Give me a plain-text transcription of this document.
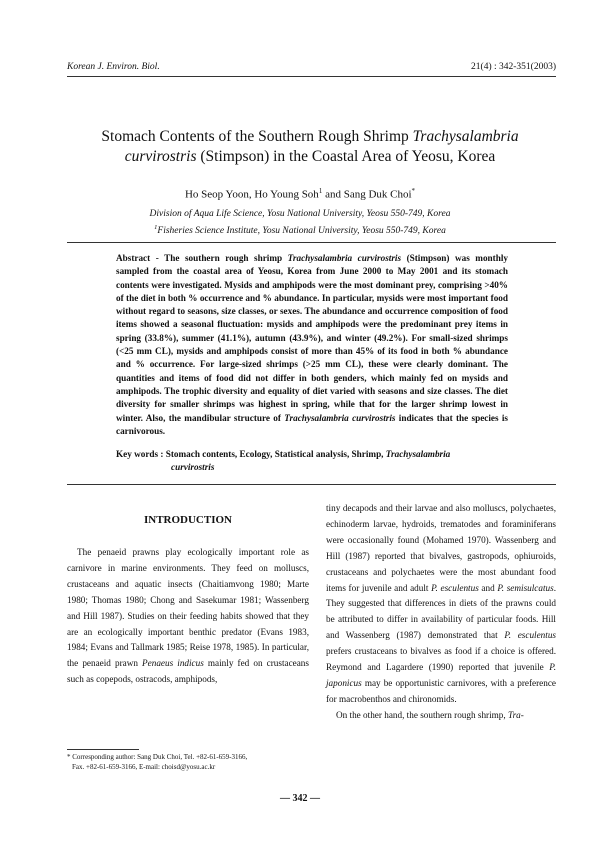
Korean J. Environ. Biol.	21(4) : 342-351(2003)
Stomach Contents of the Southern Rough Shrimp Trachysalambria
curvirostris (Stimpson) in the Coastal Area of Yeosu, Korea
Ho Seop Yoon, Ho Young Soh$^1$ and Sang Duk Choi*
Division of Aqua Life Science, Yosu National University, Yeosu 550-749, Korea
$^1$Fisheries Science Institute, Yosu National University, Yeosu 550-749, Korea
Abstract - The southern rough shrimp Trachysalambria curvirostris (Stimpson) was monthly sampled from the coastal area of Yeosu, Korea from June 2000 to May 2001 and its stomach contents were investigated. Mysids and amphipods were the most dominant prey, comprising >40% of the diet in both % occurrence and % abundance. In particular, mysids were most important food without regard to seasons, size classes, or sexes. The abundance and occurrence composition of food items showed a seasonal fluctuation: mysids and amphipods were the predominant prey items in spring (33.8%), summer (41.1%), autumn (43.9%), and winter (49.2%). For small-sized shrimps (<25 mm CL), mysids and amphipods consist of more than 45% of its food in both % abundance and % occurrence. For large-sized shrimps (>25 mm CL), these were clearly dominant. The quantities and items of food did not differ in both genders, which mainly fed on mysids and amphipods. The trophic diversity and equality of diet varied with seasons and size classes. The diet diversity for smaller shrimps was highest in spring, while that for the larger shrimp lowest in winter. Also, the mandibular structure of Trachysalambria curvirostris indicates that the species is carnivorous.
Key words : Stomach contents, Ecology, Statistical analysis, Shrimp, Trachysalambria
curvirostris
INTRODUCTION

The penaeid prawns play ecologically important role as carnivore in marine environments. They feed on molluscs, crustaceans and aquatic insects (Chaitiamvong 1980; Marte 1980; Thomas 1980; Chong and Sasekumar 1981; Wassenberg and Hill 1987). Studies on their feeding habits showed that they are an ecologically important benthic predator (Evans 1983, 1984; Evans and Tallmark 1985; Reise 1978, 1985). In particular, the penaeid prawn Penaeus indicus mainly fed on crustaceans such as copepods, ostracods, amphipods,

tiny decapods and their larvae and also molluscs, polychaetes, echinoderm larvae, hydroids, trematodes and foraminiferans were occasionally found (Mohamed 1970). Wassenberg and Hill (1987) reported that bivalves, gastropods, ophiuroids, crustaceans and polychaetes were the most abundant food items for juvenile and adult P. esculentus and P. semisulcatus. They suggested that differences in diets of the prawns could be attributed to differ in availability of particular foods. Hill and Wassenberg (1987) demonstrated that P. esculentus prefers crustaceans to bivalves as food if a choice is offered. Reymond and Lagardere (1990) reported that juvenile P. japonicus may be opportunistic carnivores, with a preference for macrobenthos and chironomids.

On the other hand, the southern rough shrimp, Tra-

* Corresponding author: Sang Duk Choi, Tel. +82-61-659-3166,
Fax. +82-61-659-3166, E-mail: choisd@yosu.ac.kr
— 342 —
